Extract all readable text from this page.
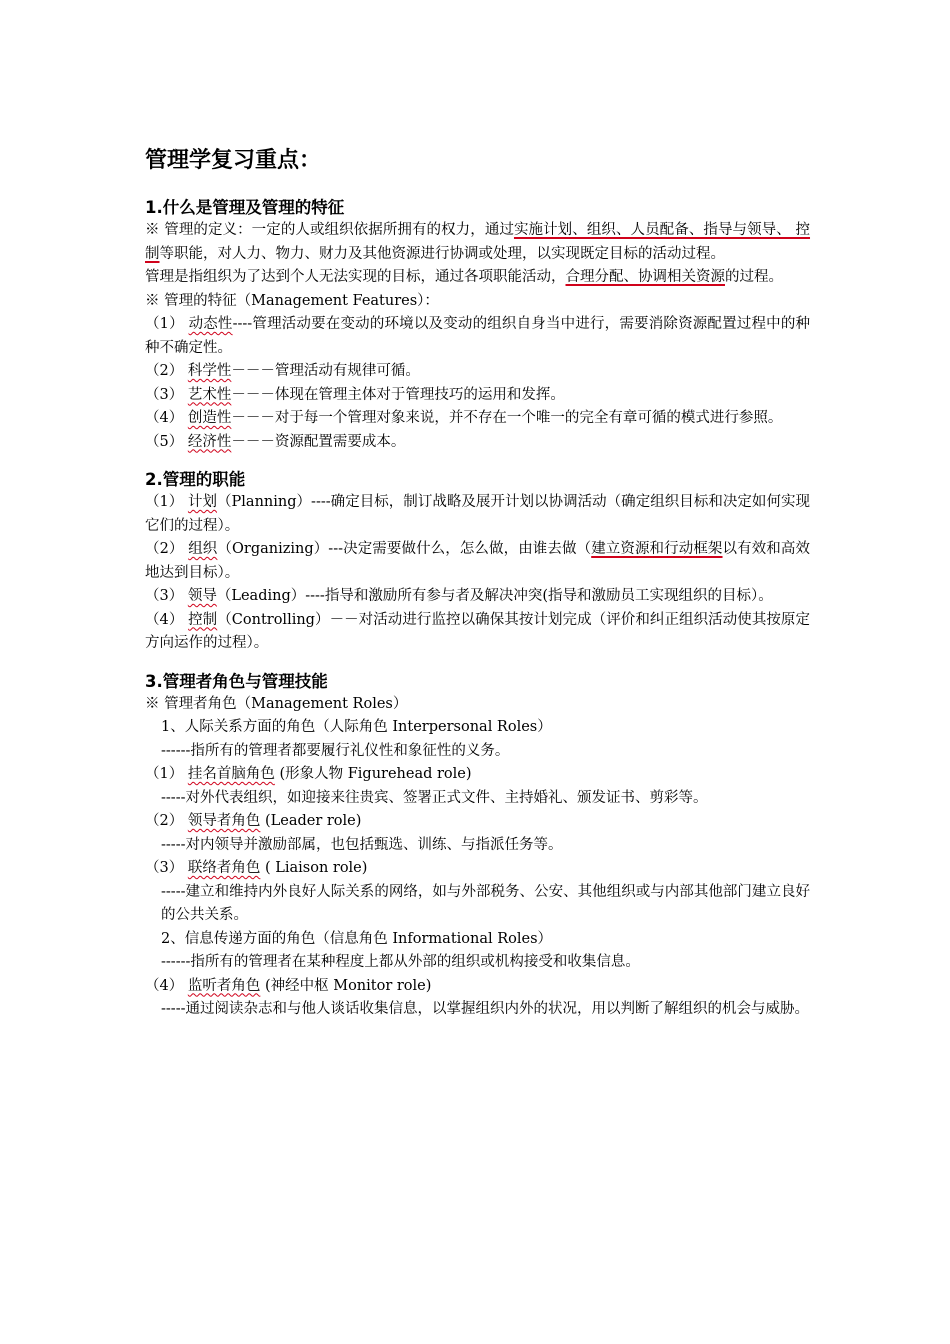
管理学复习重点：
1.什么是管理及管理的特征

※ 管理的定义：一定的人或组织依据所拥有的权力，通过实施计划、组织、人员配备、指导与领导、 控制等职能，对人力、物力、财力及其他资源进行协调或处理，以实现既定目标的活动过程。

管理是指组织为了达到个人无法实现的目标，通过各项职能活动，合理分配、协调相关资源的过程。

※ 管理的特征（Management Features）：

（1） 动态性----管理活动要在变动的环境以及变动的组织自身当中进行，需要消除资源配置过程中的种种不确定性。

（2） 科学性－－－管理活动有规律可循。

（3） 艺术性－－－体现在管理主体对于管理技巧的运用和发挥。

（4） 创造性－－－对于每一个管理对象来说，并不存在一个唯一的完全有章可循的模式进行参照。

（5） 经济性－－－资源配置需要成本。

2.管理的职能

（1） 计划（Planning）----确定目标，制订战略及展开计划以协调活动（确定组织目标和决定如何实现它们的过程）。

（2） 组织（Organizing）---决定需要做什么，怎么做，由谁去做（建立资源和行动框架以有效和高效地达到目标）。

（3） 领导（Leading）----指导和激励所有参与者及解决冲突(指导和激励员工实现组织的目标）。

（4） 控制（Controlling）－－对活动进行监控以确保其按计划完成（评价和纠正组织活动使其按原定方向运作的过程）。

3.管理者角色与管理技能

※ 管理者角色（Management Roles）

1、人际关系方面的角色（人际角色 Interpersonal Roles）

------指所有的管理者都要履行礼仪性和象征性的义务。

（1） 挂名首脑角色 (形象人物 Figurehead role)

-----对外代表组织，如迎接来往贵宾、签署正式文件、主持婚礼、颁发证书、剪彩等。

（2） 领导者角色 (Leader role)

-----对内领导并激励部属，也包括甄选、训练、与指派任务等。

（3） 联络者角色 ( Liaison role)

-----建立和维持内外良好人际关系的网络，如与外部税务、公安、其他组织或与内部其他部门建立良好的公共关系。

2、信息传递方面的角色（信息角色 Informational Roles）

------指所有的管理者在某种程度上都从外部的组织或机构接受和收集信息。

（4） 监听者角色 (神经中枢 Monitor role)

-----通过阅读杂志和与他人谈话收集信息，以掌握组织内外的状况，用以判断了解组织的机会与威胁。
